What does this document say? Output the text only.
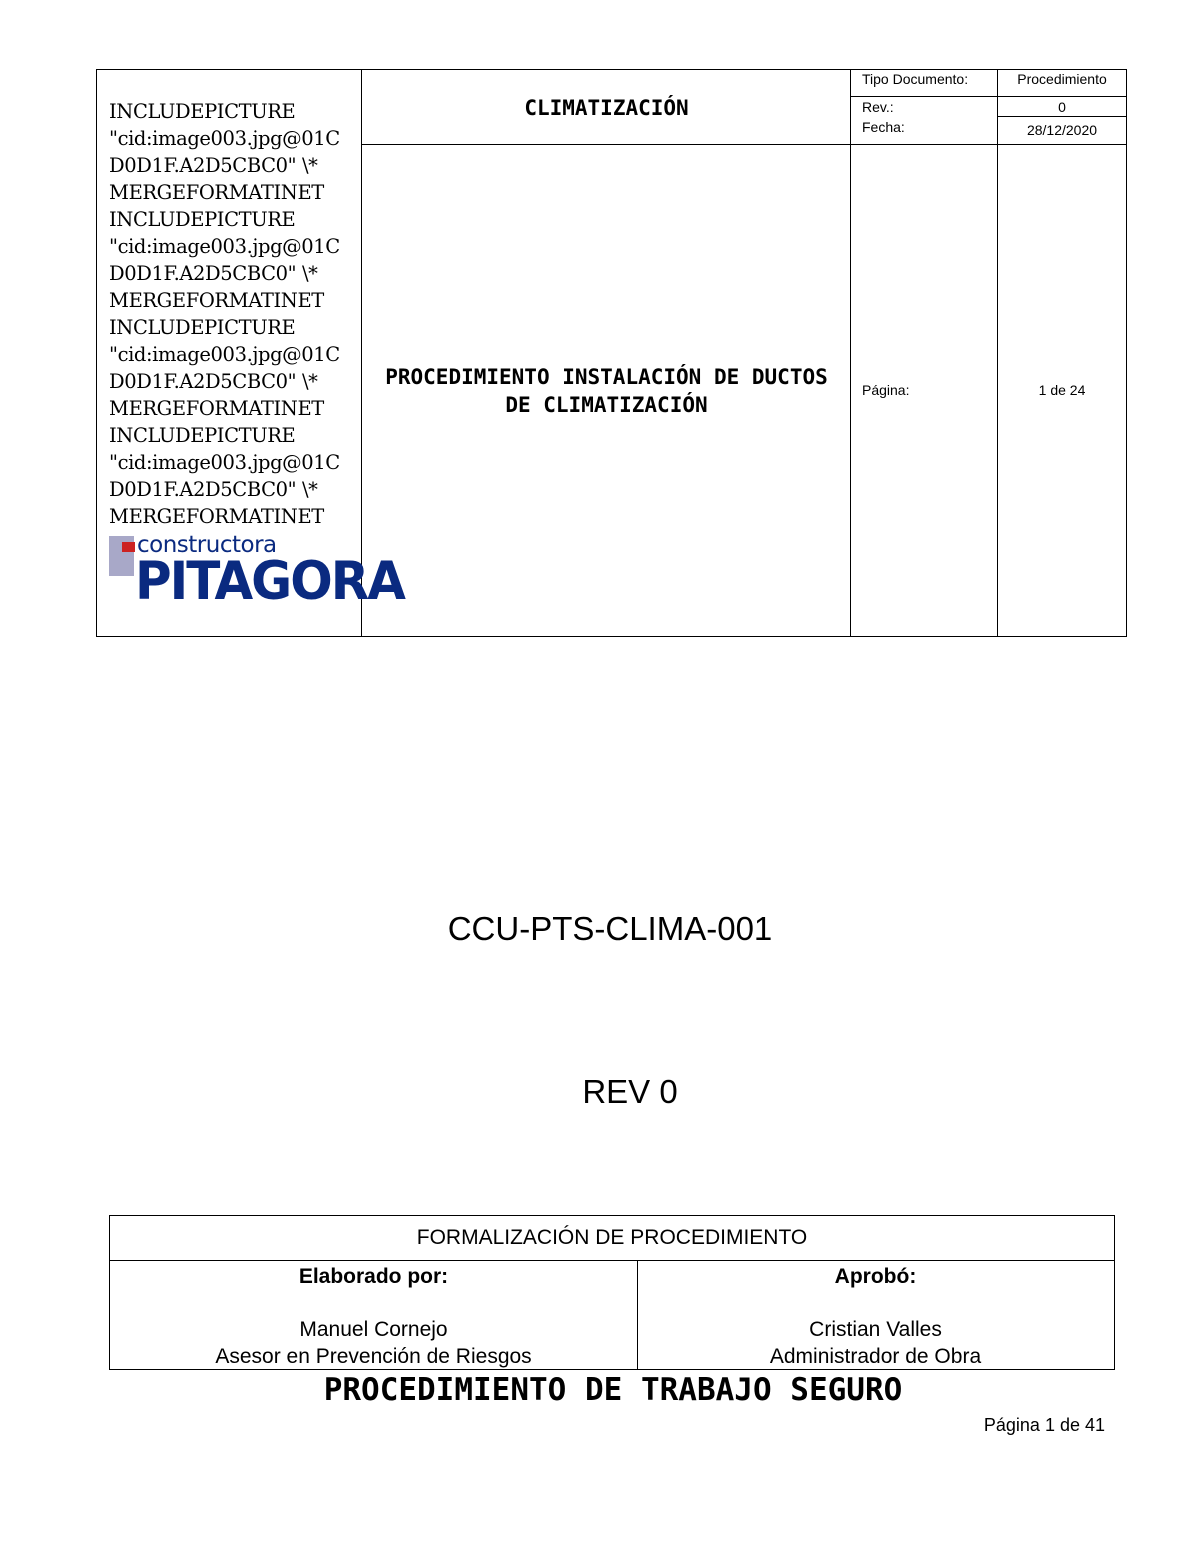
INCLUDEPICTURE "cid:image003.jpg@01CD0D1F.A2D5CBC0" \* MERGEFORMATINET INCLUDEPICTURE "cid:image003.jpg@01CD0D1F.A2D5CBC0" \* MERGEFORMATINET INCLUDEPICTURE "cid:image003.jpg@01CD0D1F.A2D5CBC0" \* MERGEFORMATINET INCLUDEPICTURE "cid:image003.jpg@01CD0D1F.A2D5CBC0" \* MERGEFORMATINET
constructora
PITAGORA
CLIMATIZACIÓN
PROCEDIMIENTO INSTALACIÓN DE DUCTOS DE CLIMATIZACIÓN
Tipo Documento:	Procedimiento
Rev.:	0
Fecha:	28/12/2020
Página:	1 de 24
CCU-PTS-CLIMA-001
REV 0
FORMALIZACIÓN DE PROCEDIMIENTO
Elaborado por:
Manuel Cornejo
Asesor en Prevención de Riesgos
Aprobó:
Cristian Valles
Administrador de Obra
PROCEDIMIENTO DE TRABAJO SEGURO
Página 1 de 41
